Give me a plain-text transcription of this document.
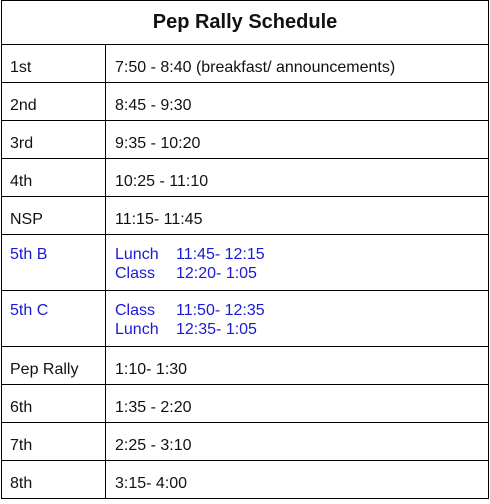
Pep Rally Schedule	

1st	7:50 - 8:40 (breakfast/ announcements)

2nd	8:45 - 9:30

3rd	9:35 - 10:20

4th	10:25 - 11:10

NSP	11:15- 11:45

5th B	Lunch 11:45- 12:15
Class 12:20- 1:05

5th C	Class 11:50- 12:35
Lunch 12:35- 1:05

Pep Rally	1:10- 1:30

6th	1:35 - 2:20

7th	2:25 - 3:10

8th	3:15- 4:00
